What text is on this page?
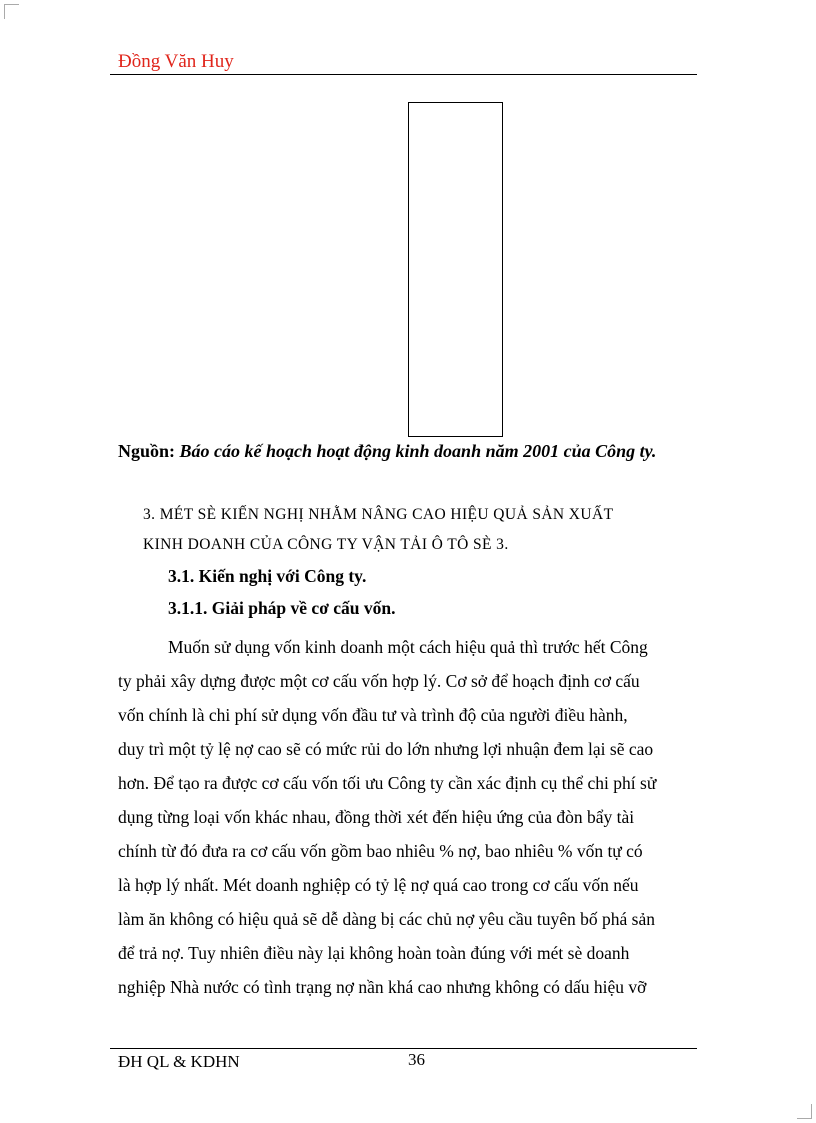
Đồng Văn Huy
Nguồn: Báo cáo kế hoạch hoạt động kinh doanh năm 2001 của Công ty.
3. MÉT SÈ KIẾN NGHỊ NHẰM NÂNG CAO HIỆU QUẢ SẢN XUẤT
KINH DOANH CỦA CÔNG TY VẬN TẢI Ô TÔ SÈ 3.
3.1. Kiến nghị với Công ty.
3.1.1. Giải pháp về cơ cấu vốn.
Muốn sử dụng vốn kinh doanh một cách hiệu quả thì trước hết Công
ty phải xây dựng được một cơ cấu vốn hợp lý. Cơ sở để hoạch định cơ cấu
vốn chính là chi phí sử dụng vốn đầu tư và trình độ của người điều hành,
duy trì một tỷ lệ nợ cao sẽ có mức rủi do lớn nhưng lợi nhuận đem lại sẽ cao
hơn. Để tạo ra được cơ cấu vốn tối ưu Công ty cần xác định cụ thể chi phí sử
dụng từng loại vốn khác nhau, đồng thời xét đến hiệu ứng của đòn bẩy tài
chính từ đó đưa ra cơ cấu vốn gồm bao nhiêu % nợ, bao nhiêu % vốn tự có
là hợp lý nhất. Mét doanh nghiệp có tỷ lệ nợ quá cao trong cơ cấu vốn nếu
làm ăn không có hiệu quả sẽ dễ dàng bị các chủ nợ yêu cầu tuyên bố phá sản
để trả nợ. Tuy nhiên điều này lại không hoàn toàn đúng với mét sè doanh
nghiệp Nhà nước có tình trạng nợ nần khá cao nhưng không có dấu hiệu vỡ
ĐH QL & KDHN	36
